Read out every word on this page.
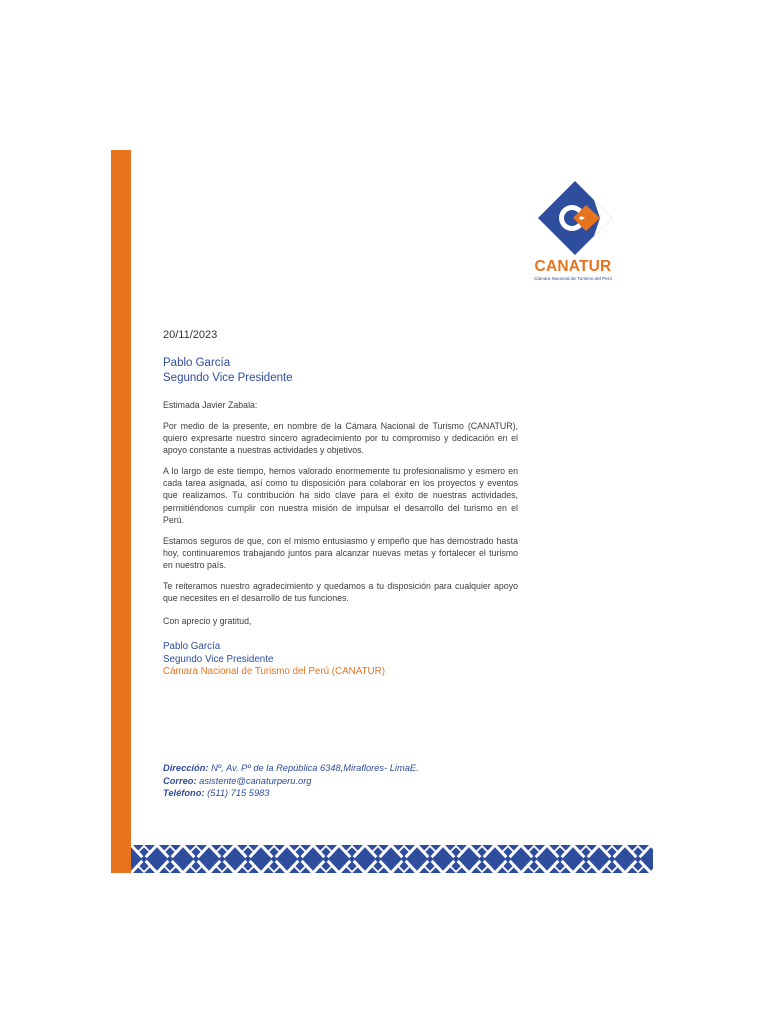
CANATUR
Cámara Nacional de Turismo del Perú
20/11/2023
Pablo García
Segundo Vice Presidente

Estimada Javier Zabala:

Por medio de la presente, en nombre de la Cámara Nacional de Turismo (CANATUR), quiero expresarte nuestro sincero agradecimiento por tu compromiso y dedicación en el apoyo constante a nuestras actividades y objetivos.

A lo largo de este tiempo, hemos valorado enormemente tu profesionalismo y esmero en cada tarea asignada, así como tu disposición para colaborar en los proyectos y eventos que realizamos. Tu contribución ha sido clave para el éxito de nuestras actividades, permitiéndonos cumplir con nuestra misión de impulsar el desarrollo del turismo en el Perú.

Estamos seguros de que, con el mismo entusiasmo y empeño que has demostrado hasta hoy, continuaremos trabajando juntos para alcanzar nuevas metas y fortalecer el turismo en nuestro país.

Te reiteramos nuestro agradecimiento y quedamos a tu disposición para cualquier apoyo que necesites en el desarrollo de tus funciones.

Con aprecio y gratitud,

Pablo García
Segundo Vice Presidente
Cámara Nacional de Turismo del Perú (CANATUR)
Dirección: Nº, Av. Pº de la República 6348,Miraflores- LimaE.
Correo: asistente@canaturperu.org
Teléfono: (511) 715 5983
